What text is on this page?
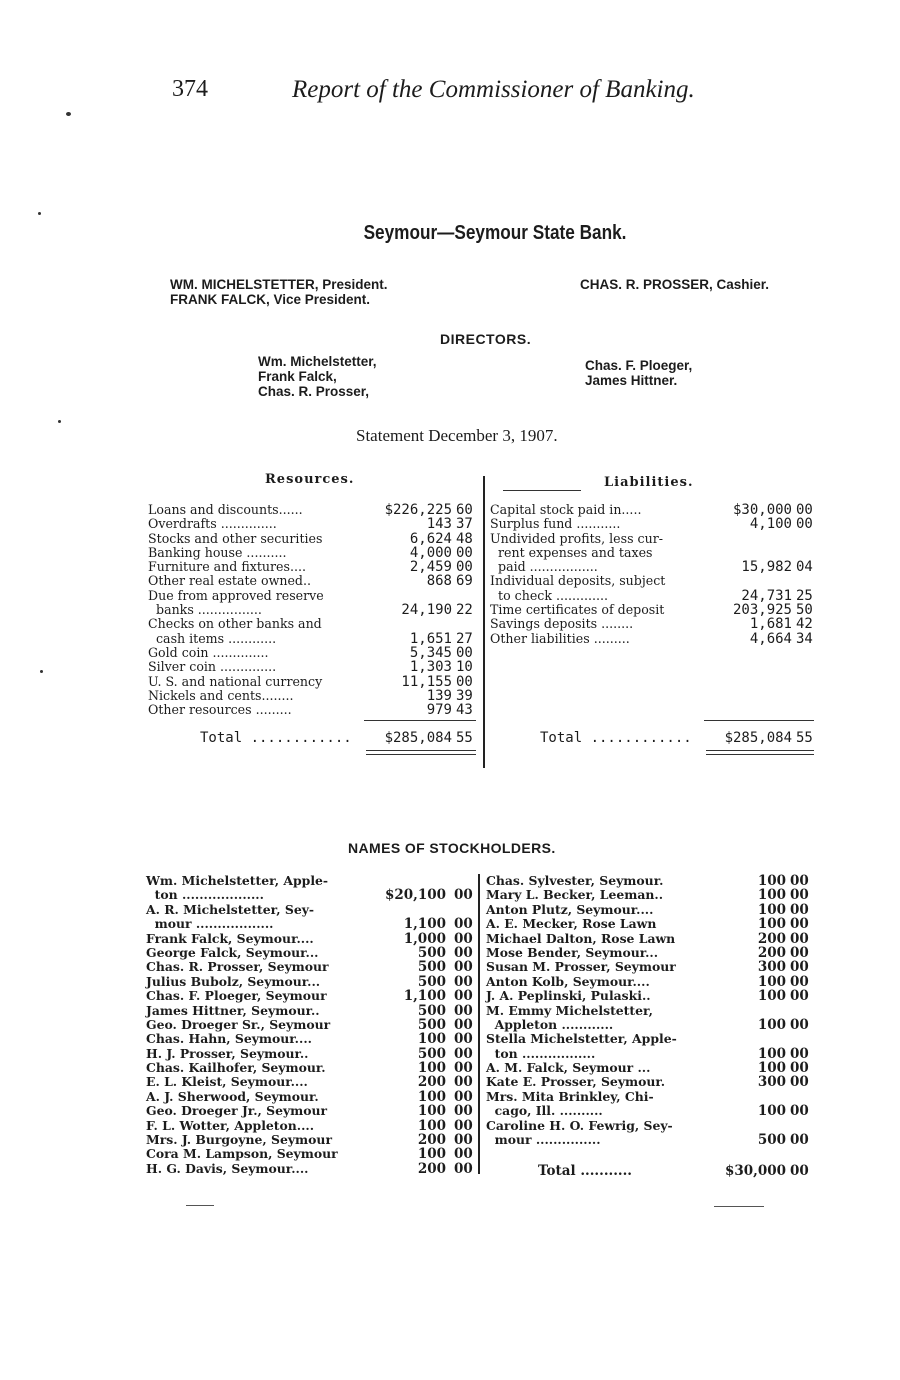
374	Report of the Commissioner of Banking.
Seymour—Seymour State Bank.
WM. MICHELSTETTER, President.
FRANK FALCK, Vice President.
CHAS. R. PROSSER, Cashier.
DIRECTORS.
Wm. Michelstetter,
Frank Falck,
Chas. R. Prosser,
Chas. F. Ploeger,
James Hittner.
Statement December 3, 1907.
Resources.	Liabilities.
Loans and discounts......	$226,225 60
Overdrafts ..............	143 37
Stocks and other securities	6,624 48
Banking house ..........	4,000 00
Furniture and fixtures....	2,459 00
Other real estate owned..	868 69
Due from approved reserve
banks ................	24,190 22
Checks on other banks and
cash items ............	1,651 27
Gold coin ..............	5,345 00
Silver coin ..............	1,303 10
U. S. and national currency	11,155 00
Nickels and cents........	139 39
Other resources .........	979 43
Total ............	$285,084 55
Capital stock paid in.....	$30,000 00
Surplus fund ...........	4,100 00
Undivided profits, less cur-
rent expenses and taxes
paid .................	15,982 04
Individual deposits, subject
to check .............	24,731 25
Time certificates of deposit	203,925 50
Savings deposits ........	1,681 42
Other liabilities .........	4,664 34
Total ............	$285,084 55
NAMES OF STOCKHOLDERS.
Wm. Michelstetter, Apple-
ton ...................	$20,100 00
A. R. Michelstetter, Sey-
mour ..................	1,100 00
Frank Falck, Seymour....	1,000 00
George Falck, Seymour...	500 00
Chas. R. Prosser, Seymour	500 00
Julius Bubolz, Seymour...	500 00
Chas. F. Ploeger, Seymour	1,100 00
James Hittner, Seymour..	500 00
Geo. Droeger Sr., Seymour	500 00
Chas. Hahn, Seymour....	100 00
H. J. Prosser, Seymour..	500 00
Chas. Kailhofer, Seymour.	100 00
E. L. Kleist, Seymour....	200 00
A. J. Sherwood, Seymour.	100 00
Geo. Droeger Jr., Seymour	100 00
F. L. Wotter, Appleton....	100 00
Mrs. J. Burgoyne, Seymour	200 00
Cora M. Lampson, Seymour	100 00
H. G. Davis, Seymour....	200 00
Chas. Sylvester, Seymour.	100 00
Mary L. Becker, Leeman..	100 00
Anton Plutz, Seymour....	100 00
A. E. Mecker, Rose Lawn	100 00
Michael Dalton, Rose Lawn	200 00
Mose Bender, Seymour...	200 00
Susan M. Prosser, Seymour	300 00
Anton Kolb, Seymour....	100 00
J. A. Peplinski, Pulaski..	100 00
M. Emmy Michelstetter,
Appleton ............	100 00
Stella Michelstetter, Apple-
ton .................	100 00
A. M. Falck, Seymour ...	100 00
Kate E. Prosser, Seymour.	300 00
Mrs. Mita Brinkley, Chi-
cago, Ill. ..........	100 00
Caroline H. O. Fewrig, Sey-
mour ...............	500 00
Total ...........	$30,000 00
